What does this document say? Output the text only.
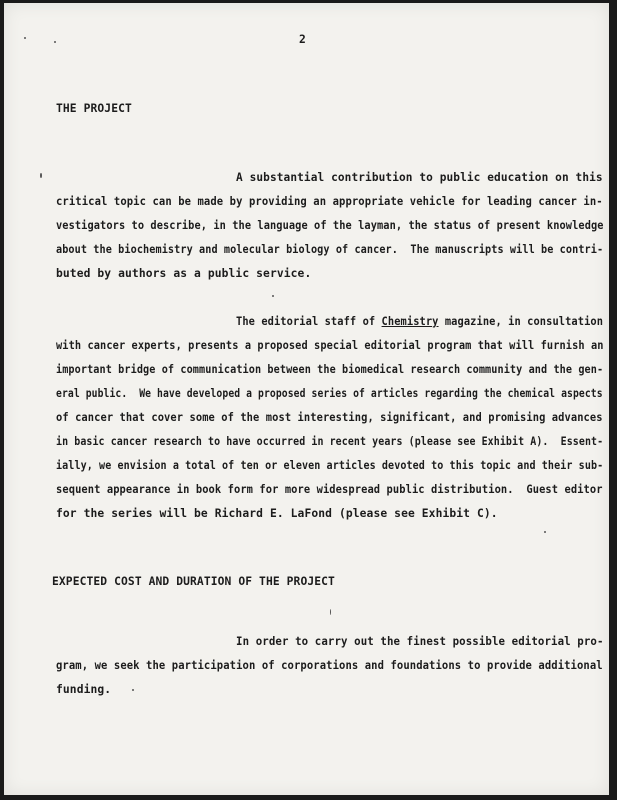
2
THE PROJECT
A substantial contribution to public education on this
critical topic can be made by providing an appropriate vehicle for leading cancer in-
vestigators to describe, in the language of the layman, the status of present knowledge
about the biochemistry and molecular biology of cancer.  The manuscripts will be contri-
buted by authors as a public service.
The editorial staff of Chemistry magazine, in consultation
with cancer experts, presents a proposed special editorial program that will furnish an
important bridge of communication between the biomedical research community and the gen-
eral public.  We have developed a proposed series of articles regarding the chemical aspects
of cancer that cover some of the most interesting, significant, and promising advances
in basic cancer research to have occurred in recent years (please see Exhibit A).  Essent-
ially, we envision a total of ten or eleven articles devoted to this topic and their sub-
sequent appearance in book form for more widespread public distribution.  Guest editor
for the series will be Richard E. LaFond (please see Exhibit C).
EXPECTED COST AND DURATION OF THE PROJECT
In order to carry out the finest possible editorial pro-
gram, we seek the participation of corporations and foundations to provide additional
funding.
